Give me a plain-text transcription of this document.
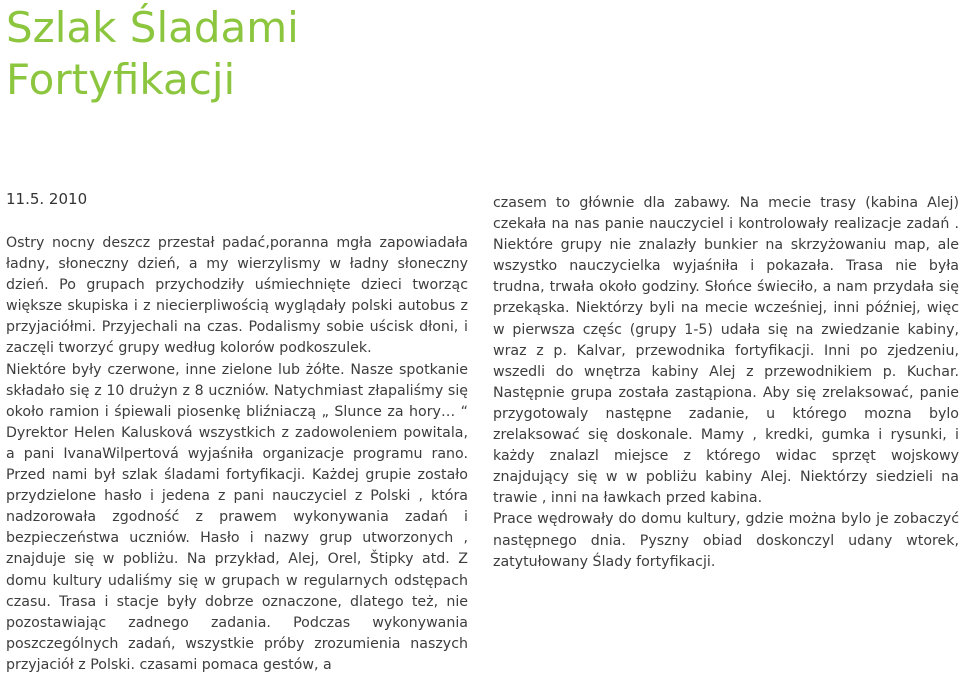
Szlak Śladami Fortyfikacji
11.5. 2010

Ostry nocny deszcz przestał padać,poranna mgła zapowiadała ładny, słoneczny dzień, a my wierzylismy w ładny słoneczny dzień. Po grupach przychodziły uśmiechnięte dzieci tworząc większe skupiska i z niecierpliwością wyglądały polski autobus z przyjaciółmi. Przyjechali na czas. Podalismy sobie uścisk dłoni, i zaczęli tworzyć grupy według kolorów podkoszulek.

Niektóre były czerwone, inne zielone lub żółte. Nasze spotkanie składało się z 10 drużyn z 8 uczniów. Natychmiast złapaliśmy się około ramion i śpiewali piosenkę bliźniaczą „ Slunce za hory… “ Dyrektor Helen Kalusková wszystkich z zadowoleniem powitala, a pani IvanaWilpertová wyjaśniła organizacje programu rano. Przed nami był szlak śladami fortyfikacji. Każdej grupie zostało przydzielone hasło i jedena z pani nauczyciel z Polski , która nadzorowała zgodność z prawem wykonywania zadań i bezpieczeństwa uczniów. Hasło i nazwy grup utworzonych , znajduje się w pobliżu. Na przykład, Alej, Orel, Štipky atd. Z domu kultury udaliśmy się w grupach w regularnych odstępach czasu. Trasa i stacje były dobrze oznaczone, dlatego też, nie pozostawiając zadnego zadania. Podczas wykonywania poszczególnych zadań, wszystkie próby zrozumienia naszych przyjaciół z Polski. czasami pomaca gestów, a

czasem to głównie dla zabawy. Na mecie trasy (kabina Alej) czekała na nas panie nauczyciel i kontrolowały realizacje zadań . Niektóre grupy nie znalazły bunkier na skrzyżowaniu map, ale wszystko nauczycielka wyjaśniła i pokazała. Trasa nie była trudna, trwała około godziny. Słońce świeciło, a nam przydała się przekąska. Niektórzy byli na mecie wcześniej, inni później, więc w pierwsza częśc (grupy 1-5) udała się na zwiedzanie kabiny, wraz z p. Kalvar, przewodnika fortyfikacji. Inni po zjedzeniu, wszedli do wnętrza kabiny Alej z przewodnikiem p. Kuchar. Następnie grupa została zastąpiona. Aby się zrelaksować, panie przygotowaly następne zadanie, u którego mozna bylo zrelaksować się doskonale. Mamy , kredki, gumka i rysunki, i każdy znalazl miejsce z którego widac sprzęt wojskowy znajdujący się w w pobliżu kabiny Alej. Niektórzy siedzieli na trawie , inni na ławkach przed kabina.

Prace wędrowały do domu kultury, gdzie można bylo je zobaczyć następnego dnia. Pyszny obiad doskonczyl udany wtorek, zatytułowany Ślady fortyfikacji.
